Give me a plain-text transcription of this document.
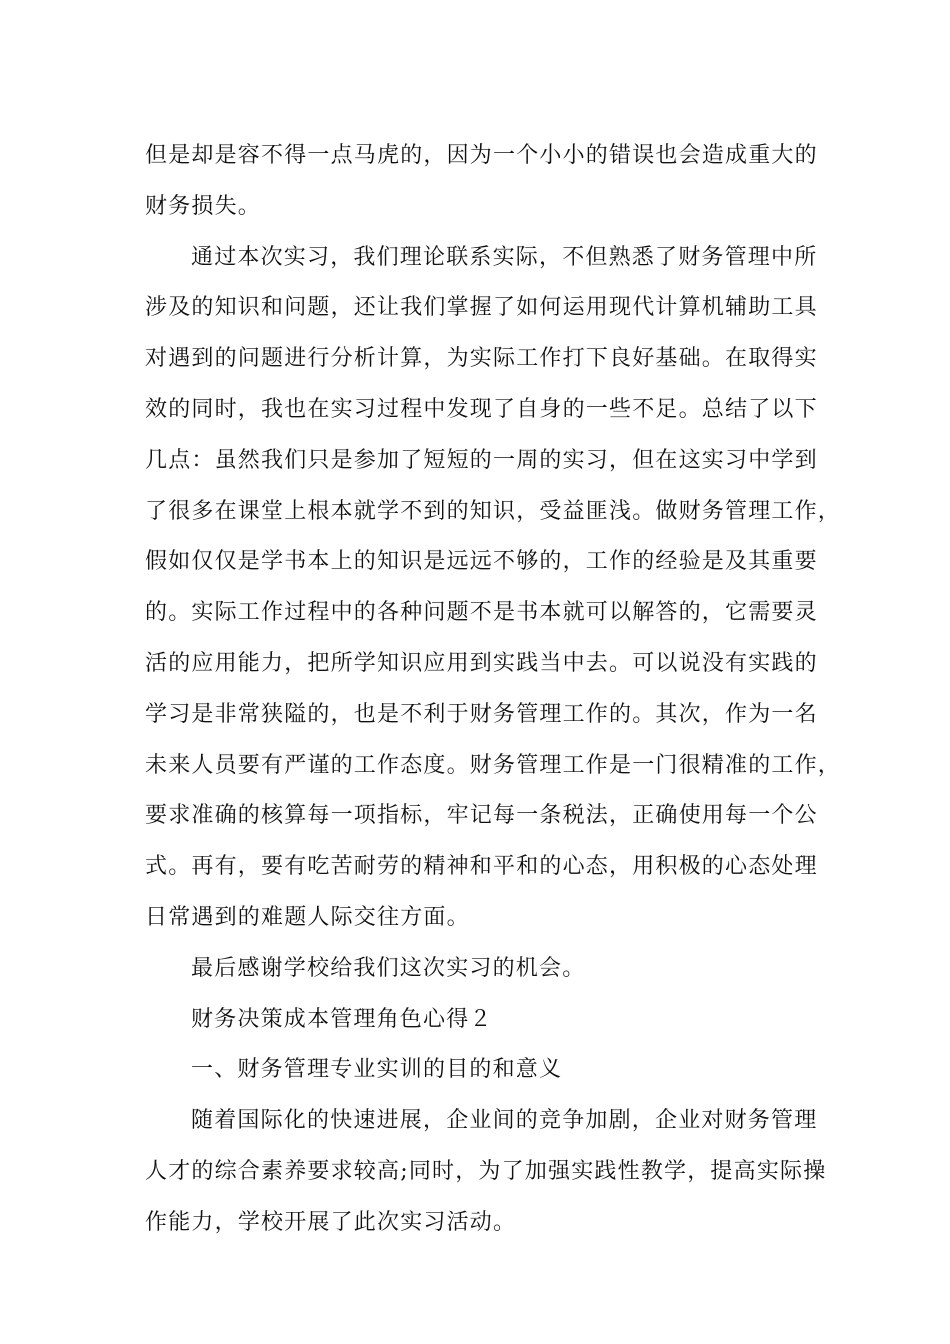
但是却是容不得一点马虎的，因为一个小小的错误也会造成重大的
财务损失。

通过本次实习，我们理论联系实际，不但熟悉了财务管理中所
涉及的知识和问题，还让我们掌握了如何运用现代计算机辅助工具
对遇到的问题进行分析计算，为实际工作打下良好基础。在取得实
效的同时，我也在实习过程中发现了自身的一些不足。总结了以下
几点：虽然我们只是参加了短短的一周的实习，但在这实习中学到
了很多在课堂上根本就学不到的知识，受益匪浅。做财务管理工作，
假如仅仅是学书本上的知识是远远不够的，工作的经验是及其重要
的。实际工作过程中的各种问题不是书本就可以解答的，它需要灵
活的应用能力，把所学知识应用到实践当中去。可以说没有实践的
学习是非常狭隘的，也是不利于财务管理工作的。其次，作为一名
未来人员要有严谨的工作态度。财务管理工作是一门很精准的工作，
要求准确的核算每一项指标，牢记每一条税法，正确使用每一个公
式。再有，要有吃苦耐劳的精神和平和的心态，用积极的心态处理
日常遇到的难题人际交往方面。

最后感谢学校给我们这次实习的机会。

财务决策成本管理角色心得２

一、财务管理专业实训的目的和意义

随着国际化的快速进展，企业间的竞争加剧，企业对财务管理
人才的综合素养要求较高;同时，为了加强实践性教学，提高实际操
作能力，学校开展了此次实习活动。
